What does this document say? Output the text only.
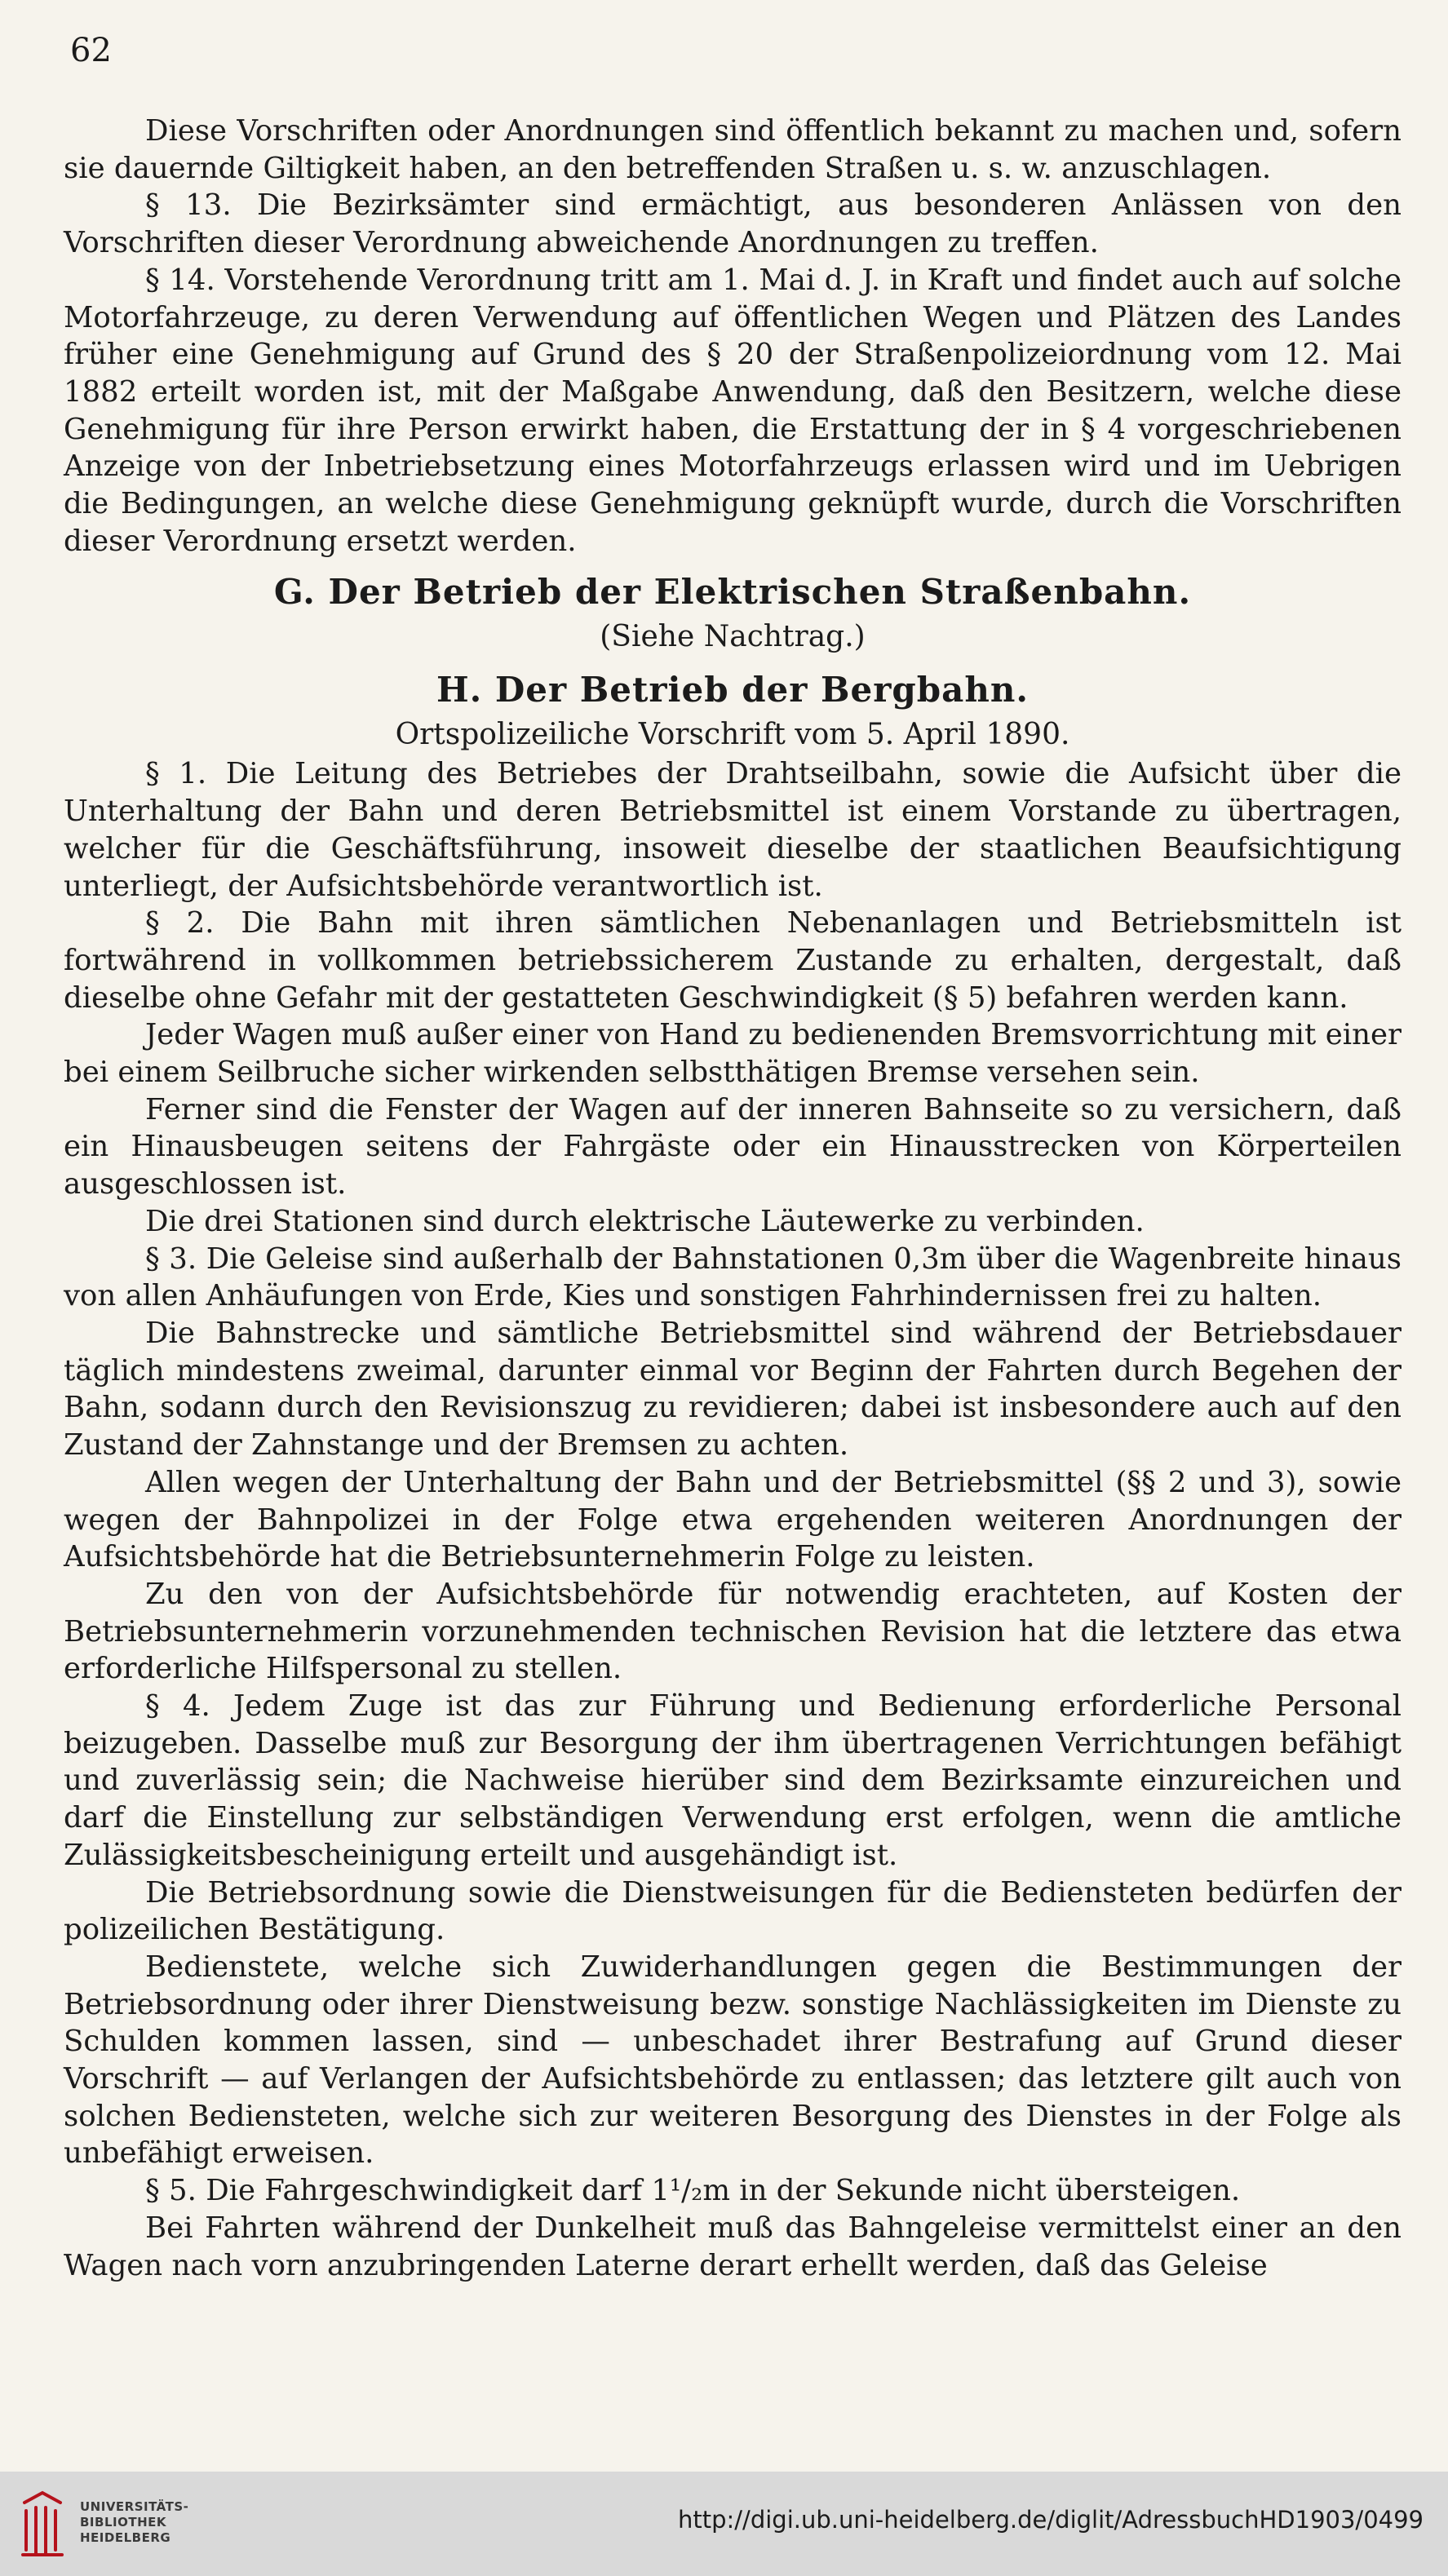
62

Diese Vorschriften oder Anordnungen sind öffentlich bekannt zu machen und, sofern sie dauernde Giltigkeit haben, an den betreffenden Straßen u. s. w. anzuschlagen.

§ 13. Die Bezirksämter sind ermächtigt, aus besonderen Anlässen von den Vorschriften dieser Verordnung abweichende Anordnungen zu treffen.

§ 14. Vorstehende Verordnung tritt am 1. Mai d. J. in Kraft und findet auch auf solche Motorfahrzeuge, zu deren Verwendung auf öffentlichen Wegen und Plätzen des Landes früher eine Genehmigung auf Grund des § 20 der Straßenpolizeiordnung vom 12. Mai 1882 erteilt worden ist, mit der Maßgabe Anwendung, daß den Besitzern, welche diese Genehmigung für ihre Person erwirkt haben, die Erstattung der in § 4 vorgeschriebenen Anzeige von der Inbetriebsetzung eines Motorfahrzeugs erlassen wird und im Uebrigen die Bedingungen, an welche diese Genehmigung geknüpft wurde, durch die Vorschriften dieser Verordnung ersetzt werden.

G. Der Betrieb der Elektrischen Straßenbahn.
(Siehe Nachtrag.)
H. Der Betrieb der Bergbahn.
Ortspolizeiliche Vorschrift vom 5. April 1890.

§ 1. Die Leitung des Betriebes der Drahtseilbahn, sowie die Aufsicht über die Unterhaltung der Bahn und deren Betriebsmittel ist einem Vorstande zu übertragen, welcher für die Geschäftsführung, insoweit dieselbe der staatlichen Beaufsichtigung unterliegt, der Aufsichtsbehörde verantwortlich ist.

§ 2. Die Bahn mit ihren sämtlichen Nebenanlagen und Betriebsmitteln ist fortwährend in vollkommen betriebssicherem Zustande zu erhalten, dergestalt, daß dieselbe ohne Gefahr mit der gestatteten Geschwindigkeit (§ 5) befahren werden kann.

Jeder Wagen muß außer einer von Hand zu bedienenden Bremsvorrichtung mit einer bei einem Seilbruche sicher wirkenden selbstthätigen Bremse versehen sein.

Ferner sind die Fenster der Wagen auf der inneren Bahnseite so zu versichern, daß ein Hinausbeugen seitens der Fahrgäste oder ein Hinausstrecken von Körperteilen ausgeschlossen ist.

Die drei Stationen sind durch elektrische Läutewerke zu verbinden.

§ 3. Die Geleise sind außerhalb der Bahnstationen 0,3m über die Wagenbreite hinaus von allen Anhäufungen von Erde, Kies und sonstigen Fahrhindernissen frei zu halten.

Die Bahnstrecke und sämtliche Betriebsmittel sind während der Betriebsdauer täglich mindestens zweimal, darunter einmal vor Beginn der Fahrten durch Begehen der Bahn, sodann durch den Revisionszug zu revidieren; dabei ist insbesondere auch auf den Zustand der Zahnstange und der Bremsen zu achten.

Allen wegen der Unterhaltung der Bahn und der Betriebsmittel (§§ 2 und 3), sowie wegen der Bahnpolizei in der Folge etwa ergehenden weiteren Anordnungen der Aufsichtsbehörde hat die Betriebsunternehmerin Folge zu leisten.

Zu den von der Aufsichtsbehörde für notwendig erachteten, auf Kosten der Betriebsunternehmerin vorzunehmenden technischen Revision hat die letztere das etwa erforderliche Hilfspersonal zu stellen.

§ 4. Jedem Zuge ist das zur Führung und Bedienung erforderliche Personal beizugeben. Dasselbe muß zur Besorgung der ihm übertragenen Verrichtungen befähigt und zuverlässig sein; die Nachweise hierüber sind dem Bezirksamte einzureichen und darf die Einstellung zur selbständigen Verwendung erst erfolgen, wenn die amtliche Zulässigkeitsbescheinigung erteilt und ausgehändigt ist.

Die Betriebsordnung sowie die Dienstweisungen für die Bediensteten bedürfen der polizeilichen Bestätigung.

Bedienstete, welche sich Zuwiderhandlungen gegen die Bestimmungen der Betriebsordnung oder ihrer Dienstweisung bezw. sonstige Nachlässigkeiten im Dienste zu Schulden kommen lassen, sind — unbeschadet ihrer Bestrafung auf Grund dieser Vorschrift — auf Verlangen der Aufsichtsbehörde zu entlassen; das letztere gilt auch von solchen Bediensteten, welche sich zur weiteren Besorgung des Dienstes in der Folge als unbefähigt erweisen.

§ 5. Die Fahrgeschwindigkeit darf 1¹/₂m in der Sekunde nicht übersteigen.

Bei Fahrten während der Dunkelheit muß das Bahngeleise vermittelst einer an den Wagen nach vorn anzubringenden Laterne derart erhellt werden, daß das Geleise

UNIVERSITÄTS-
BIBLIOTHEK
HEIDELBERG
http://digi.ub.uni-heidelberg.de/diglit/AdressbuchHD1903/0499
